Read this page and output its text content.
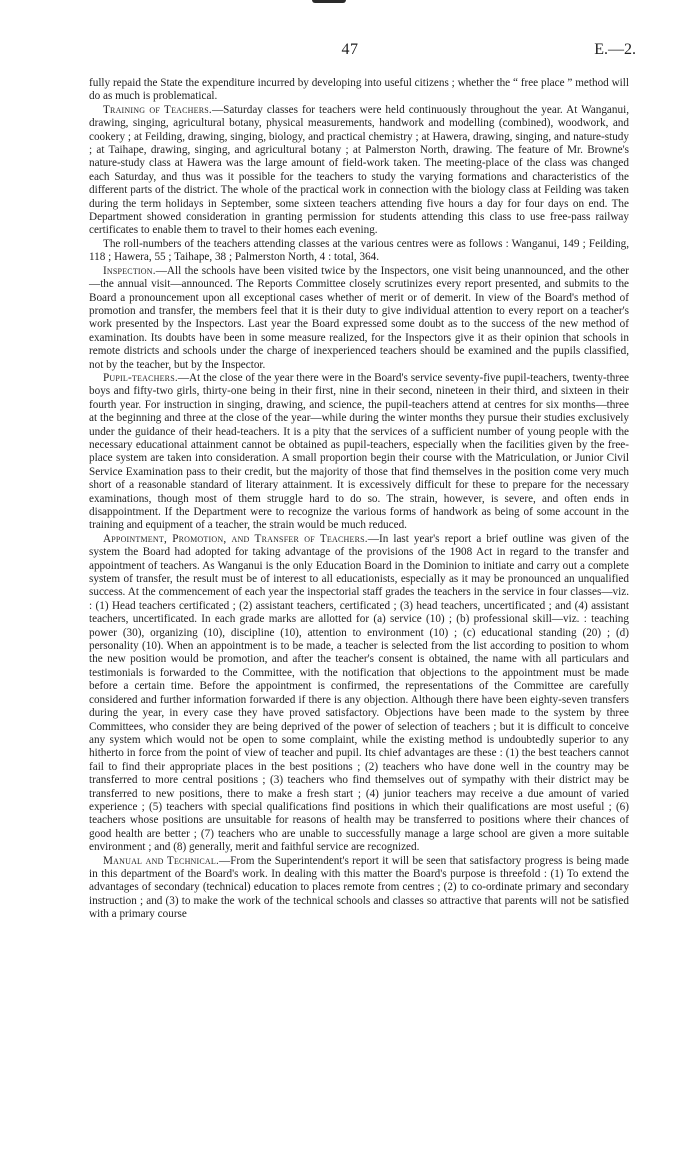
47	E.—2.

fully repaid the State the expenditure incurred by developing into useful citizens ; whether the “ free place ” method will do as much is problematical.

Training of Teachers.—Saturday classes for teachers were held continuously throughout the year. At Wanganui, drawing, singing, agricultural botany, physical measurements, handwork and modelling (combined), woodwork, and cookery ; at Feilding, drawing, singing, biology, and practical chemistry ; at Hawera, drawing, singing, and nature-study ; at Taihape, drawing, singing, and agricultural botany ; at Palmerston North, drawing. The feature of Mr. Browne's nature-study class at Hawera was the large amount of field-work taken. The meeting-place of the class was changed each Saturday, and thus was it possible for the teachers to study the varying formations and characteristics of the different parts of the district. The whole of the practical work in connection with the biology class at Feilding was taken during the term holidays in September, some sixteen teachers attending five hours a day for four days on end. The Department showed consideration in granting permission for students attending this class to use free-pass railway certificates to enable them to travel to their homes each evening.

The roll-numbers of the teachers attending classes at the various centres were as follows : Wanganui, 149 ; Feilding, 118 ; Hawera, 55 ; Taihape, 38 ; Palmerston North, 4 : total, 364.

Inspection.—All the schools have been visited twice by the Inspectors, one visit being unannounced, and the other—the annual visit—announced. The Reports Committee closely scrutinizes every report presented, and submits to the Board a pronouncement upon all exceptional cases whether of merit or of demerit. In view of the Board's method of promotion and transfer, the members feel that it is their duty to give individual attention to every report on a teacher's work presented by the Inspectors. Last year the Board expressed some doubt as to the success of the new method of examination. Its doubts have been in some measure realized, for the Inspectors give it as their opinion that schools in remote districts and schools under the charge of inexperienced teachers should be examined and the pupils classified, not by the teacher, but by the Inspector.

Pupil-teachers.—At the close of the year there were in the Board's service seventy-five pupil-teachers, twenty-three boys and fifty-two girls, thirty-one being in their first, nine in their second, nineteen in their third, and sixteen in their fourth year. For instruction in singing, drawing, and science, the pupil-teachers attend at centres for six months—three at the beginning and three at the close of the year—while during the winter months they pursue their studies exclusively under the guidance of their head-teachers. It is a pity that the services of a sufficient number of young people with the necessary educational attainment cannot be obtained as pupil-teachers, especially when the facilities given by the free-place system are taken into consideration. A small proportion begin their course with the Matriculation, or Junior Civil Service Examination pass to their credit, but the majority of those that find themselves in the position come very much short of a reasonable standard of literary attainment. It is excessively difficult for these to prepare for the necessary examinations, though most of them struggle hard to do so. The strain, however, is severe, and often ends in disappointment. If the Department were to recognize the various forms of handwork as being of some account in the training and equipment of a teacher, the strain would be much reduced.

Appointment, Promotion, and Transfer of Teachers.—In last year's report a brief outline was given of the system the Board had adopted for taking advantage of the provisions of the 1908 Act in regard to the transfer and appointment of teachers. As Wanganui is the only Education Board in the Dominion to initiate and carry out a complete system of transfer, the result must be of interest to all educationists, especially as it may be pronounced an unqualified success. At the commencement of each year the inspectorial staff grades the teachers in the service in four classes—viz. : (1) Head teachers certificated ; (2) assistant teachers, certificated ; (3) head teachers, uncertificated ; and (4) assistant teachers, uncertificated. In each grade marks are allotted for (a) service (10) ; (b) professional skill—viz. : teaching power (30), organizing (10), discipline (10), attention to environment (10) ; (c) educational standing (20) ; (d) personality (10). When an appointment is to be made, a teacher is selected from the list according to position to whom the new position would be promotion, and after the teacher's consent is obtained, the name with all particulars and testimonials is forwarded to the Committee, with the notification that objections to the appointment must be made before a certain time. Before the appointment is confirmed, the representations of the Committee are carefully considered and further information forwarded if there is any objection. Although there have been eighty-seven transfers during the year, in every case they have proved satisfactory. Objections have been made to the system by three Committees, who consider they are being deprived of the power of selection of teachers ; but it is difficult to conceive any system which would not be open to some complaint, while the existing method is undoubtedly superior to any hitherto in force from the point of view of teacher and pupil. Its chief advantages are these : (1) the best teachers cannot fail to find their appropriate places in the best positions ; (2) teachers who have done well in the country may be transferred to more central positions ; (3) teachers who find themselves out of sympathy with their district may be transferred to new positions, there to make a fresh start ; (4) junior teachers may receive a due amount of varied experience ; (5) teachers with special qualifications find positions in which their qualifications are most useful ; (6) teachers whose positions are unsuitable for reasons of health may be transferred to positions where their chances of good health are better ; (7) teachers who are unable to successfully manage a large school are given a more suitable environment ; and (8) generally, merit and faithful service are recognized.

Manual and Technical.—From the Superintendent's report it will be seen that satisfactory progress is being made in this department of the Board's work. In dealing with this matter the Board's purpose is threefold : (1) To extend the advantages of secondary (technical) education to places remote from centres ; (2) to co-ordinate primary and secondary instruction ; and (3) to make the work of the technical schools and classes so attractive that parents will not be satisfied with a primary course
